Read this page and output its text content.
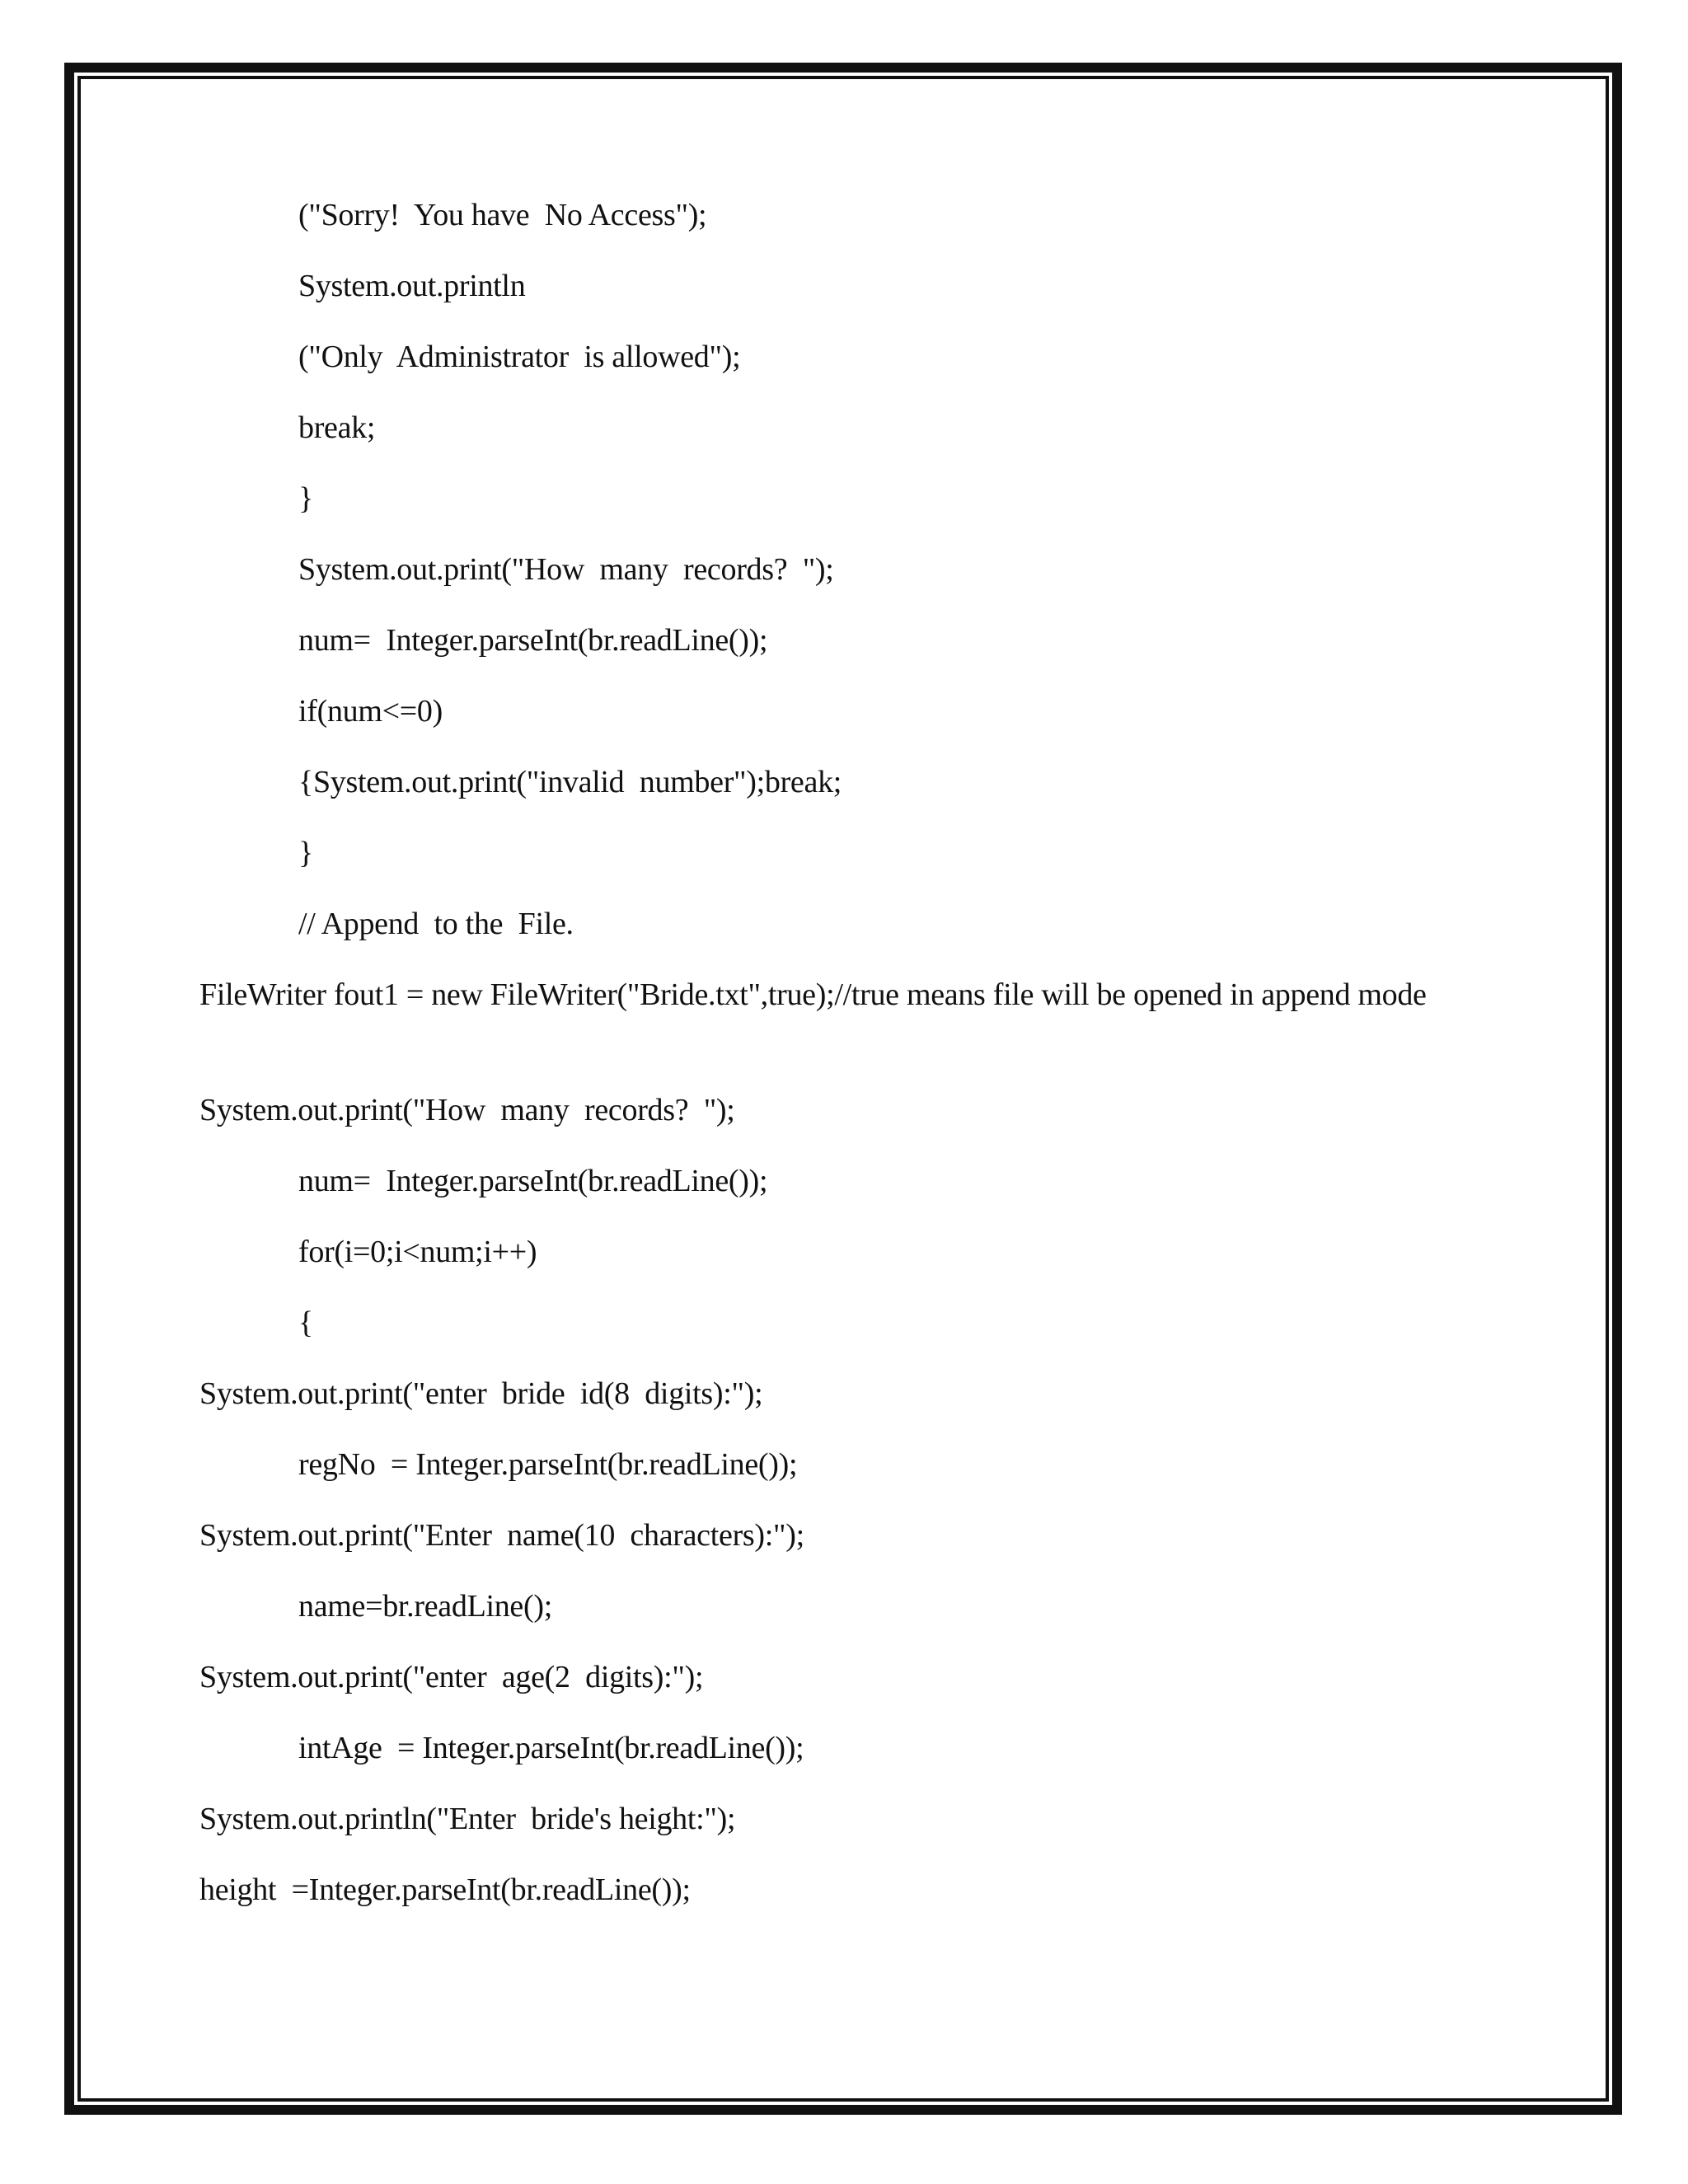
("Sorry!  You have  No Access");
System.out.println
("Only  Administrator  is allowed");
break;
}
System.out.print("How  many  records?  ");
num=  Integer.parseInt(br.readLine());
if(num<=0)
{System.out.print("invalid  number");break;
}
// Append  to the  File.
FileWriter fout1 = new FileWriter("Bride.txt",true);//true means file will be opened in append mode
System.out.print("How  many  records?  ");
num=  Integer.parseInt(br.readLine());
for(i=0;i<num;i++)
{
System.out.print("enter  bride  id(8  digits):");
regNo  = Integer.parseInt(br.readLine());
System.out.print("Enter  name(10  characters):");
name=br.readLine();
System.out.print("enter  age(2  digits):");
intAge  = Integer.parseInt(br.readLine());
System.out.println("Enter  bride's height:");
height  =Integer.parseInt(br.readLine());
